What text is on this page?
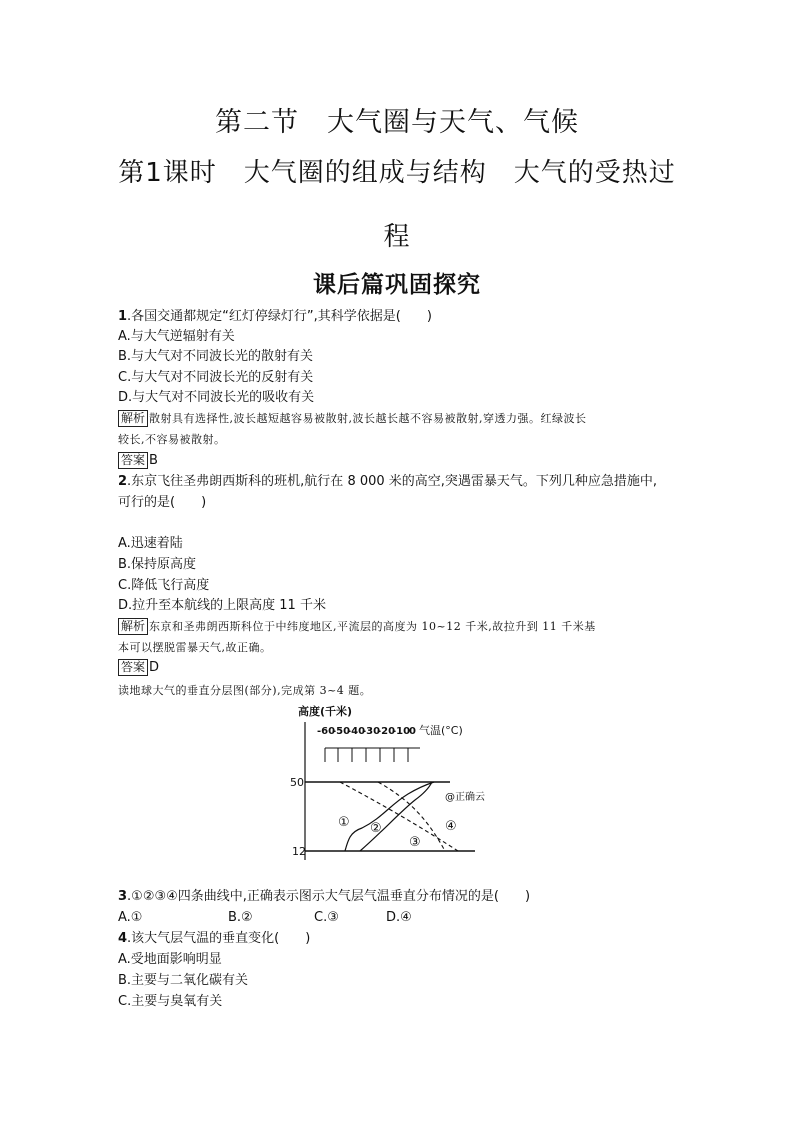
第二节　大气圈与天气、气候
第1课时　大气圈的组成与结构　大气的受热过
程
课后篇巩固探究
1.各国交通都规定“红灯停绿灯行”,其科学依据是(　　)
A.与大气逆辐射有关
B.与大气对不同波长光的散射有关
C.与大气对不同波长光的反射有关
D.与大气对不同波长光的吸收有关
解析 散射具有选择性,波长越短越容易被散射,波长越长越不容易被散射,穿透力强。红绿波长
较长,不容易被散射。
答案 B
2.东京飞往圣弗朗西斯科的班机,航行在 8 000 米的高空,突遇雷暴天气。下列几种应急措施中,
可行的是(　　)
A.迅速着陆
B.保持原高度
C.降低飞行高度
D.拉升至本航线的上限高度 11 千米
解析 东京和圣弗朗西斯科位于中纬度地区,平流层的高度为 10~12 千米,故拉升到 11 千米基
本可以摆脱雷暴天气,故正确。
答案 D
读地球大气的垂直分层图(部分),完成第 3~4 题。
高度(千米)
-60
-50
-40
-30
-20
-10
0 气温(°C)
50
12
① ②
③
④
@正确云
3.①②③④四条曲线中,正确表示图示大气层气温垂直分布情况的是(　　)
A.①	B.②	C.③	D.④
4.该大气层气温的垂直变化(　　)
A.受地面影响明显
B.主要与二氧化碳有关
C.主要与臭氧有关
